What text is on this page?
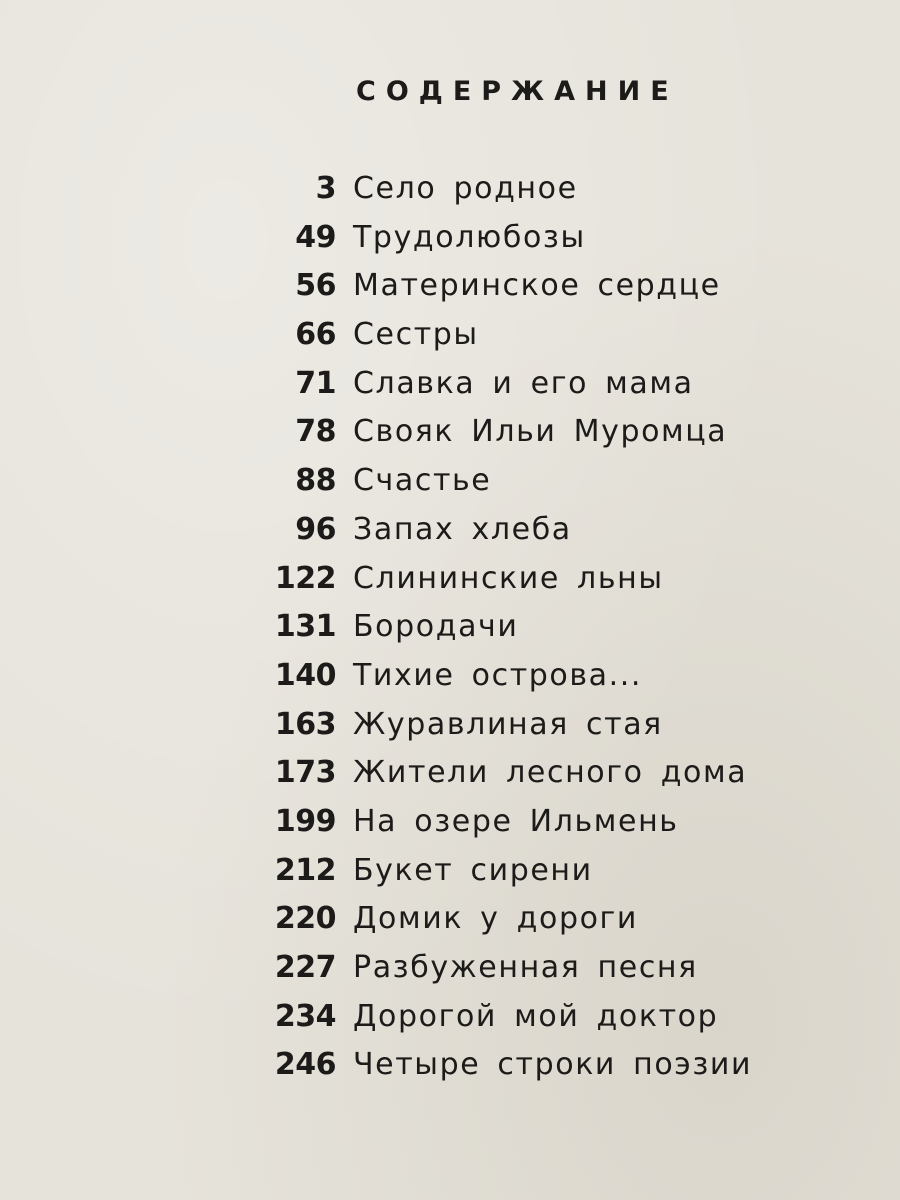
СОДЕРЖАНИЕ
3 Село родное
49 Трудолюбозы
56 Материнское сердце
66 Сестры
71 Славка и его мама
78 Свояк Ильи Муромца
88 Счастье
96 Запах хлеба
122 Слининские льны
131 Бородачи
140 Тихие острова...
163 Журавлиная стая
173 Жители лесного дома
199 На озере Ильмень
212 Букет сирени
220 Домик у дороги
227 Разбуженная песня
234 Дорогой мой доктор
246 Четыре строки поэзии
